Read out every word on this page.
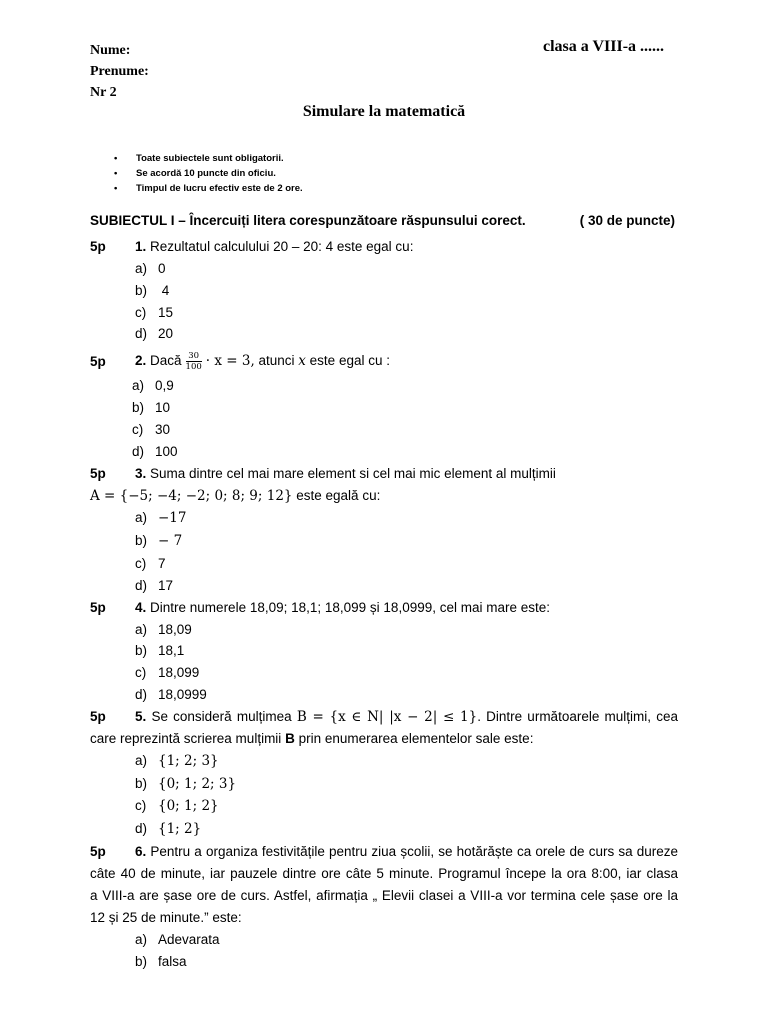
Nume:
Prenume:
Nr 2
clasa a VIII-a ......
Simulare la matematică
• Toate subiectele sunt obligatorii.
• Se acordă 10 puncte din oficiu.
• Timpul de lucru efectiv este de 2 ore.
SUBIECTUL I – Încercuiți litera corespunzătoare răspunsului corect.	( 30 de puncte)
5p	1. Rezultatul calculului 20 – 20: 4 este egal cu:
a) 0
b) 4
c) 15
d) 20
5p	2. Dacă $\frac{30}{100} \cdot x = 3$, atunci x este egal cu :
a) 0,9
b) 10
c) 30
d) 100
5p	3. Suma dintre cel mai mare element si cel mai mic element al mulțimii
A = {−5; −4; −2; 0; 8; 9; 12} este egală cu:
a) −17
b) − 7
c) 7
d) 17
5p	4. Dintre numerele 18,09; 18,1; 18,099 și 18,0999, cel mai mare este:
a) 18,09
b) 18,1
c) 18,099
d) 18,0999
5p	5. Se consideră mulțimea B = {x ∈ N| |x − 2| ≤ 1}. Dintre următoarele mulțimi, cea
care reprezintă scrierea mulțimii B prin enumerarea elementelor sale este:
a) {1; 2; 3}
b) {0; 1; 2; 3}
c) {0; 1; 2}
d) {1; 2}
5p	6. Pentru a organiza festivitățile pentru ziua școlii, se hotărăște ca orele de curs sa dureze
câte 40 de minute, iar pauzele dintre ore câte 5 minute. Programul începe la ora 8:00, iar clasa
a VIII-a are șase ore de curs. Astfel, afirmația „ Elevii clasei a VIII-a vor termina cele șase ore la
12 și 25 de minute.” este:
a) Adevarata
b) falsa
